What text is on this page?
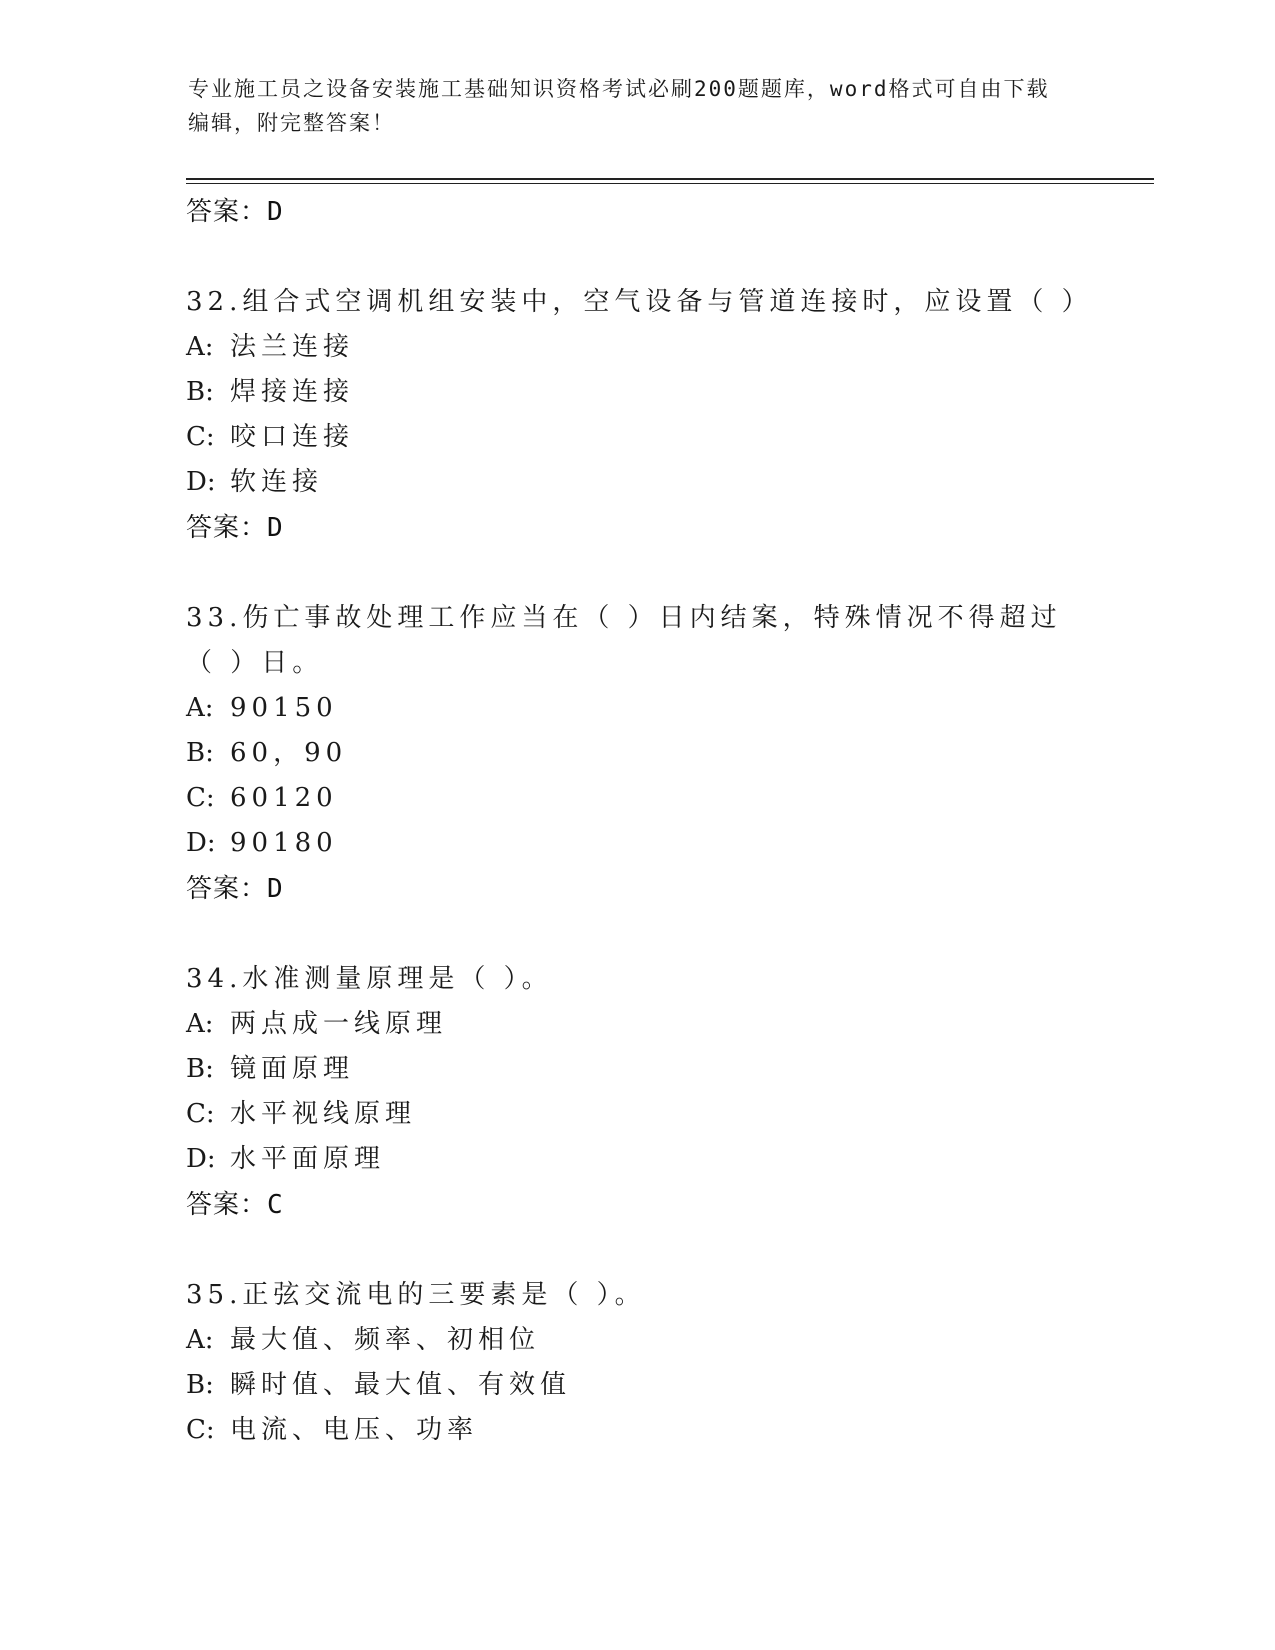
专业施工员之设备安装施工基础知识资格考试必刷200题题库，word格式可自由下载编辑，附完整答案！
答案：D
32.组合式空调机组安装中，空气设备与管道连接时，应设置（ ）
A: 法兰连接
B: 焊接连接
C: 咬口连接
D: 软连接
答案：D
33.伤亡事故处理工作应当在（ ）日内结案，特殊情况不得超过（ ）日。
A: 90150
B: 60，90
C: 60120
D: 90180
答案：D
34.水准测量原理是（ ）。
A: 两点成一线原理
B: 镜面原理
C: 水平视线原理
D: 水平面原理
答案：C
35.正弦交流电的三要素是（ ）。
A: 最大值、频率、初相位
B: 瞬时值、最大值、有效值
C: 电流、电压、功率
